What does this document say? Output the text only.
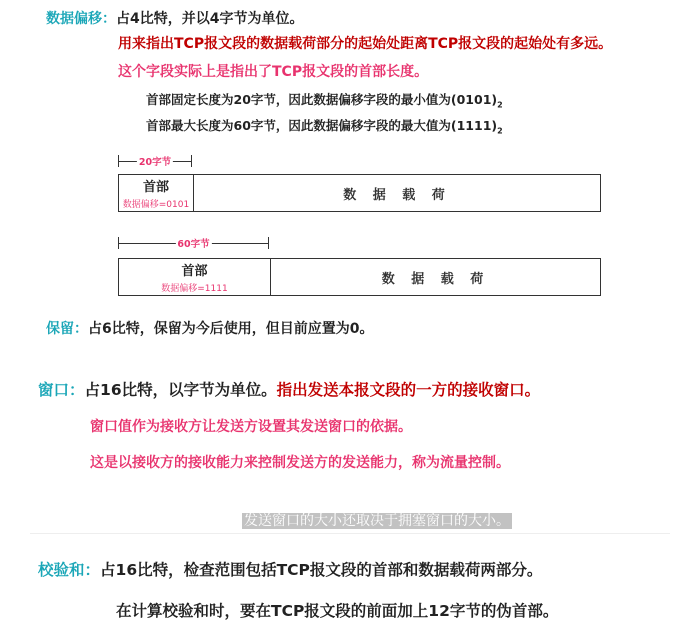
数据偏移：占4比特，并以4字节为单位。
用来指出TCP报文段的数据载荷部分的起始处距离TCP报文段的起始处有多远。
这个字段实际上是指出了TCP报文段的首部长度。
首部固定长度为20字节，因此数据偏移字段的最小值为$(0101)_2$
首部最大长度为60字节，因此数据偏移字段的最大值为$(1111)_2$
20字节
首部
数据偏移=0101
数 据 载 荷
60字节
首部
数据偏移=1111
数 据 载 荷
保留：占6比特，保留为今后使用，但目前应置为0。
窗口：占16比特，以字节为单位。指出发送本报文段的一方的接收窗口。
窗口值作为接收方让发送方设置其发送窗口的依据。
这是以接收方的接收能力来控制发送方的发送能力，称为流量控制。
发送窗口的大小还取决于拥塞窗口的大小。
校验和：占16比特，检查范围包括TCP报文段的首部和数据载荷两部分。
在计算校验和时，要在TCP报文段的前面加上12字节的伪首部。
